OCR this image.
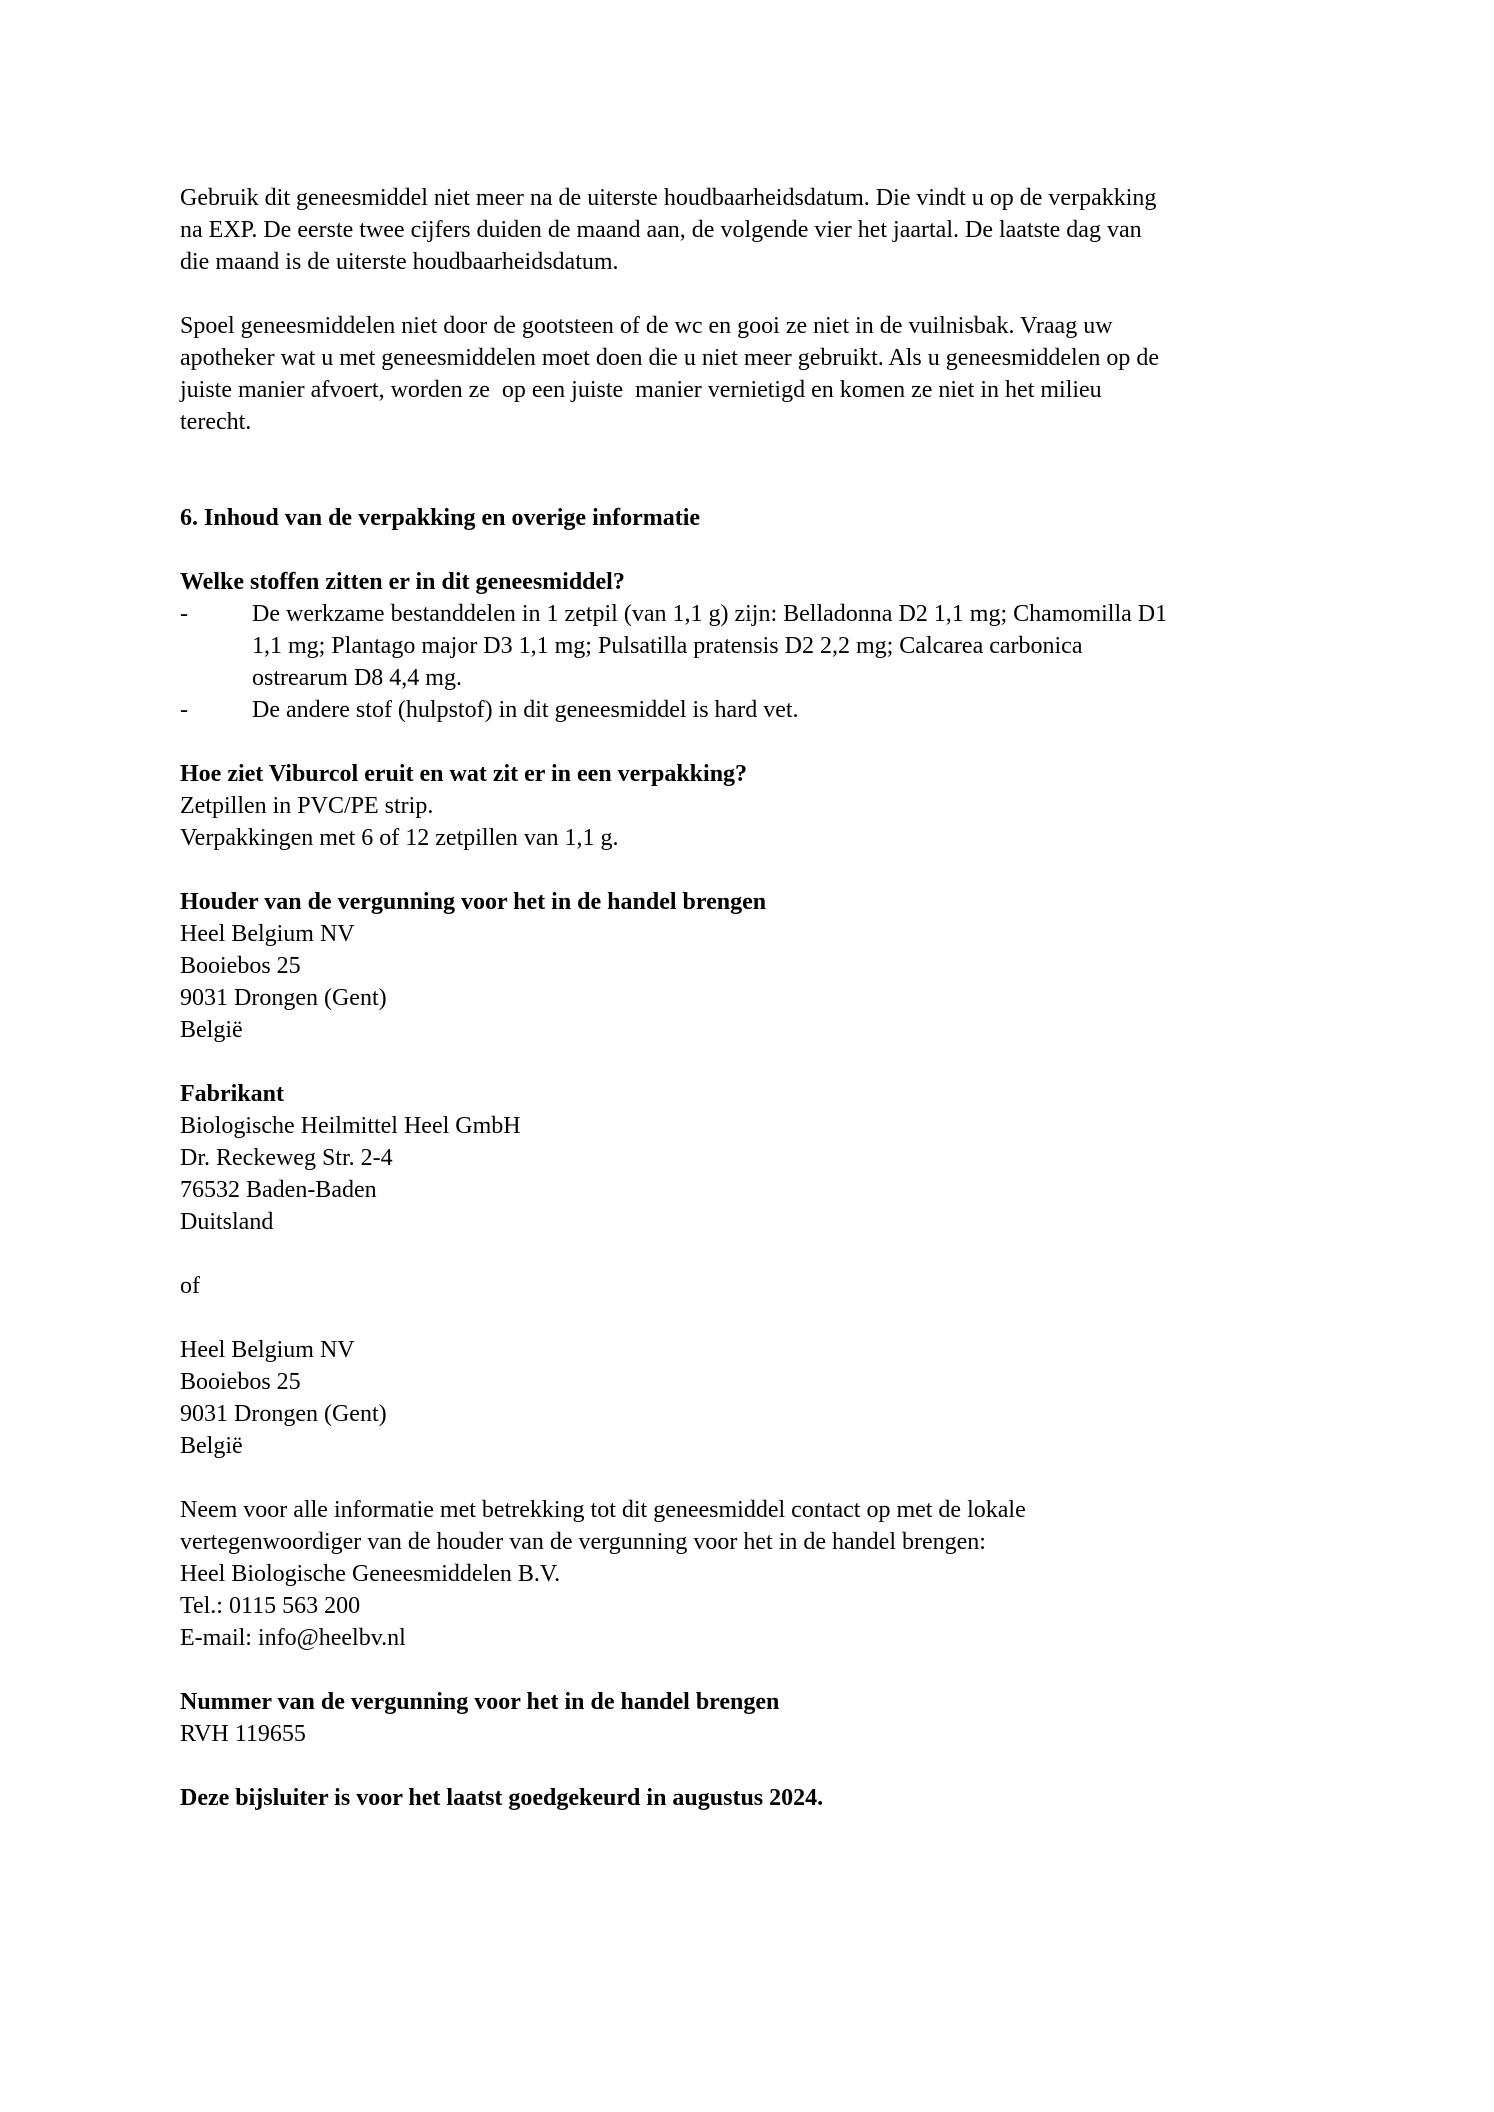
Gebruik dit geneesmiddel niet meer na de uiterste houdbaarheidsdatum. Die vindt u op de verpakking
na EXP. De eerste twee cijfers duiden de maand aan, de volgende vier het jaartal. De laatste dag van
die maand is de uiterste houdbaarheidsdatum.
Spoel geneesmiddelen niet door de gootsteen of de wc en gooi ze niet in de vuilnisbak. Vraag uw
apotheker wat u met geneesmiddelen moet doen die u niet meer gebruikt. Als u geneesmiddelen op de
juiste manier afvoert, worden ze  op een juiste  manier vernietigd en komen ze niet in het milieu
terecht.
6. Inhoud van de verpakking en overige informatie
Welke stoffen zitten er in dit geneesmiddel?
-	De werkzame bestanddelen in 1 zetpil (van 1,1 g) zijn: Belladonna D2 1,1 mg; Chamomilla D1
1,1 mg; Plantago major D3 1,1 mg; Pulsatilla pratensis D2 2,2 mg; Calcarea carbonica
ostrearum D8 4,4 mg.
-	De andere stof (hulpstof) in dit geneesmiddel is hard vet.
Hoe ziet Viburcol eruit en wat zit er in een verpakking?
Zetpillen in PVC/PE strip.
Verpakkingen met 6 of 12 zetpillen van 1,1 g.
Houder van de vergunning voor het in de handel brengen
Heel Belgium NV
Booiebos 25
9031 Drongen (Gent)
België
Fabrikant
Biologische Heilmittel Heel GmbH
Dr. Reckeweg Str. 2-4
76532 Baden-Baden
Duitsland
of
Heel Belgium NV
Booiebos 25
9031 Drongen (Gent)
België
Neem voor alle informatie met betrekking tot dit geneesmiddel contact op met de lokale
vertegenwoordiger van de houder van de vergunning voor het in de handel brengen:
Heel Biologische Geneesmiddelen B.V.
Tel.: 0115 563 200
E-mail: info@heelbv.nl
Nummer van de vergunning voor het in de handel brengen
RVH 119655
Deze bijsluiter is voor het laatst goedgekeurd in augustus 2024.
